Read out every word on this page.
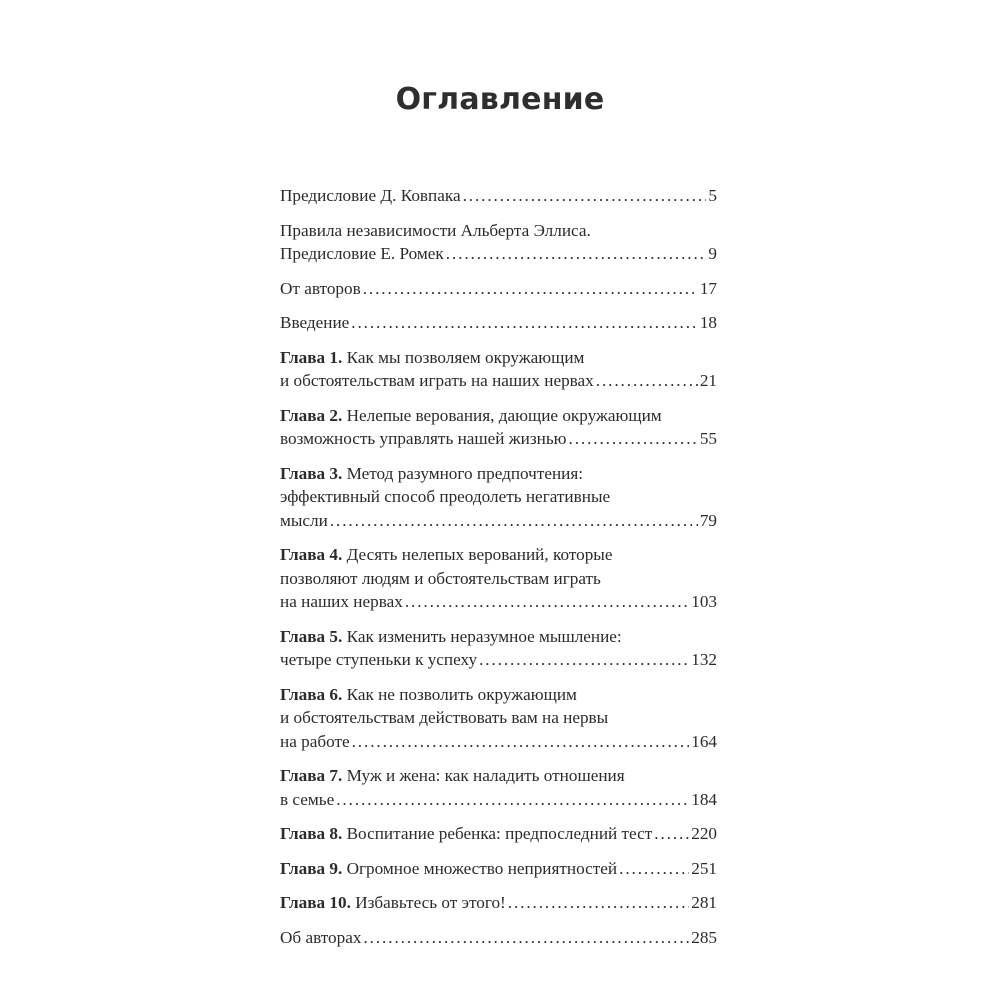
Оглавление
Предисловие Д. Ковпака . . .	5
Правила независимости Альберта Эллиса.
Предисловие Е. Ромек . . .	9
От авторов . . .	17
Введение . . .	18
Глава 1. Как мы позволяем окружающим
и обстоятельствам играть на наших нервах . . .	21
Глава 2. Нелепые верования, дающие окружающим
возможность управлять нашей жизнью . . .	55
Глава 3. Метод разумного предпочтения:
эффективный способ преодолеть негативные
мысли . . .	79
Глава 4. Десять нелепых верований, которые
позволяют людям и обстоятельствам играть
на наших нервах . . .	103
Глава 5. Как изменить неразумное мышление:
четыре ступеньки к успеху . . .	132
Глава 6. Как не позволить окружающим
и обстоятельствам действовать вам на нервы
на работе . . .	164
Глава 7. Муж и жена: как наладить отношения
в семье . . .	184
Глава 8. Воспитание ребенка: предпоследний тест . . . 220
Глава 9. Огромное множество неприятностей . . .	251
Глава 10. Избавьтесь от этого! . . .	281
Об авторах . . .	285
